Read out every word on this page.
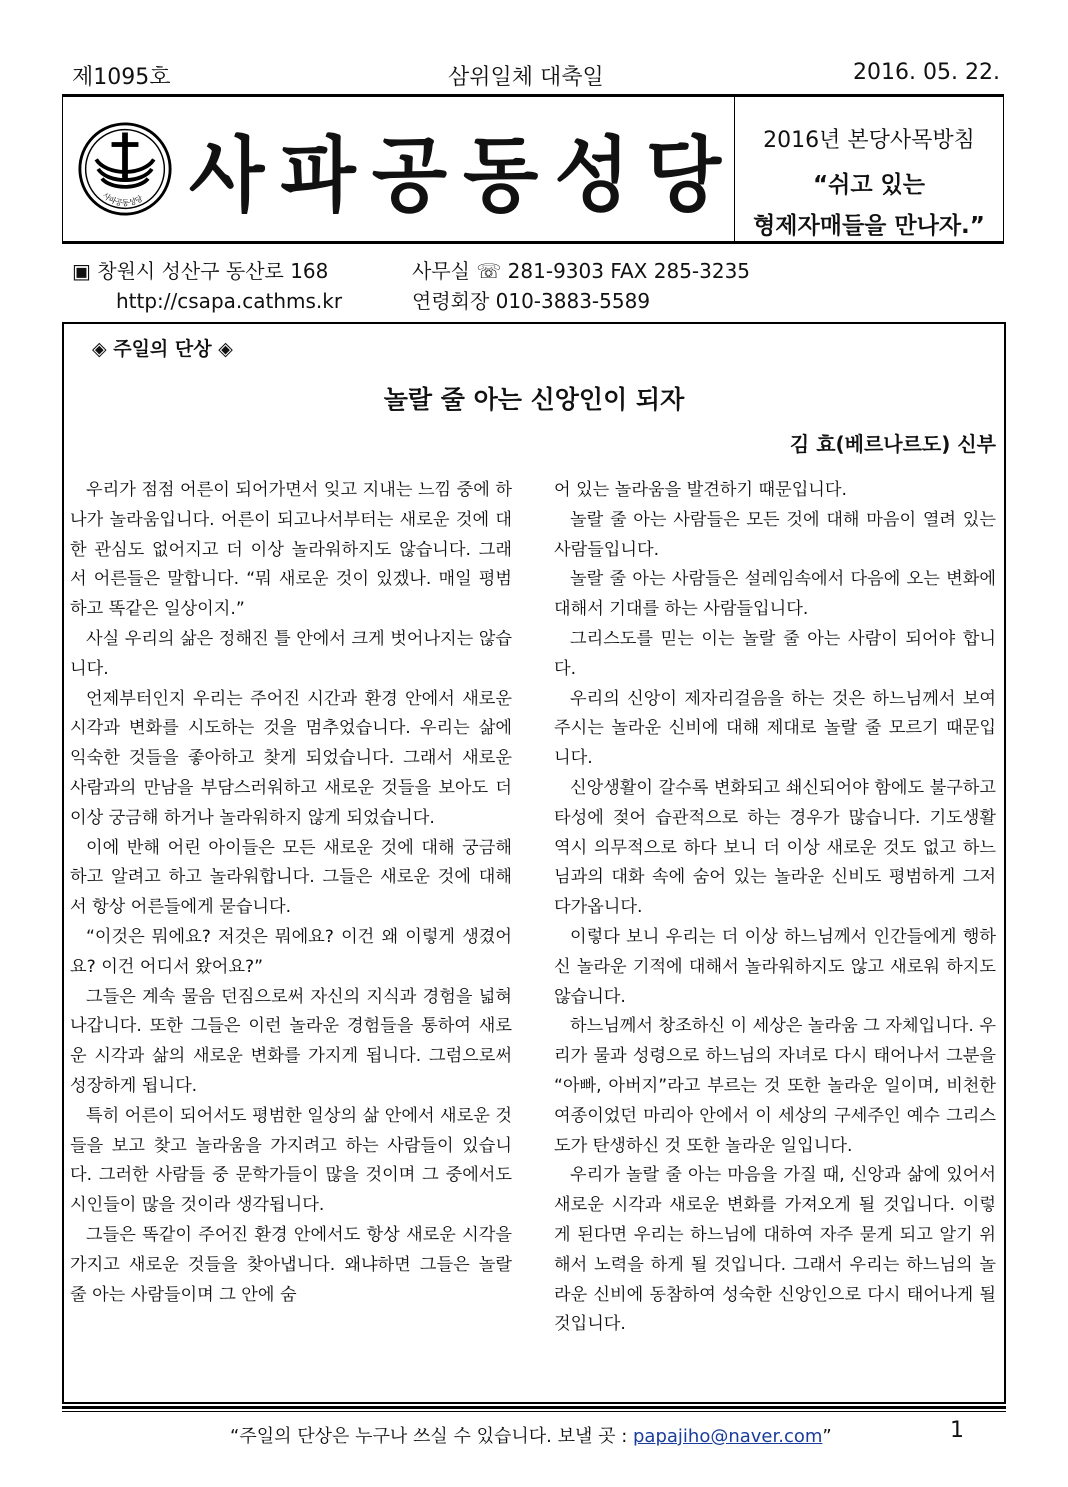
제1095호	삼위일체 대축일	2016. 05. 22.
사파공동성당 사파공동성당	2016년 본당사목방침
“쉬고 있는
형제자매들을 만나자.”
▣ 창원시 성산구 동산로 168	사무실 ☏ 281-9303 FAX 285-3235
http://csapa.cathms.kr	연령회장 010-3883-5589
◈ 주일의 단상 ◈
놀랄 줄 아는 신앙인이 되자
김 효(베르나르도) 신부

우리가 점점 어른이 되어가면서 잊고 지내는 느낌 중에 하나가 놀라움입니다. 어른이 되고나서부터는 새로운 것에 대한 관심도 없어지고 더 이상 놀라워하지도 않습니다. 그래서 어른들은 말합니다. “뭐 새로운 것이 있겠나. 매일 평범하고 똑같은 일상이지.”

사실 우리의 삶은 정해진 틀 안에서 크게 벗어나지는 않습니다.

언제부터인지 우리는 주어진 시간과 환경 안에서 새로운 시각과 변화를 시도하는 것을 멈추었습니다. 우리는 삶에 익숙한 것들을 좋아하고 찾게 되었습니다. 그래서 새로운 사람과의 만남을 부담스러워하고 새로운 것들을 보아도 더 이상 궁금해 하거나 놀라워하지 않게 되었습니다.

이에 반해 어린 아이들은 모든 새로운 것에 대해 궁금해 하고 알려고 하고 놀라워합니다. 그들은 새로운 것에 대해서 항상 어른들에게 묻습니다.

“이것은 뭐에요? 저것은 뭐에요? 이건 왜 이렇게 생겼어요? 이건 어디서 왔어요?”

그들은 계속 물음 던짐으로써 자신의 지식과 경험을 넓혀 나갑니다. 또한 그들은 이런 놀라운 경험들을 통하여 새로운 시각과 삶의 새로운 변화를 가지게 됩니다. 그럼으로써 성장하게 됩니다.

특히 어른이 되어서도 평범한 일상의 삶 안에서 새로운 것들을 보고 찾고 놀라움을 가지려고 하는 사람들이 있습니다. 그러한 사람들 중 문학가들이 많을 것이며 그 중에서도 시인들이 많을 것이라 생각됩니다.

그들은 똑같이 주어진 환경 안에서도 항상 새로운 시각을 가지고 새로운 것들을 찾아냅니다. 왜냐하면 그들은 놀랄 줄 아는 사람들이며 그 안에 숨

어 있는 놀라움을 발견하기 때문입니다.

놀랄 줄 아는 사람들은 모든 것에 대해 마음이 열려 있는 사람들입니다.

놀랄 줄 아는 사람들은 설레임속에서 다음에 오는 변화에 대해서 기대를 하는 사람들입니다.

그리스도를 믿는 이는 놀랄 줄 아는 사람이 되어야 합니다.

우리의 신앙이 제자리걸음을 하는 것은 하느님께서 보여 주시는 놀라운 신비에 대해 제대로 놀랄 줄 모르기 때문입니다.

신앙생활이 갈수록 변화되고 쇄신되어야 함에도 불구하고 타성에 젖어 습관적으로 하는 경우가 많습니다. 기도생활 역시 의무적으로 하다 보니 더 이상 새로운 것도 없고 하느님과의 대화 속에 숨어 있는 놀라운 신비도 평범하게 그저 다가옵니다.

이렇다 보니 우리는 더 이상 하느님께서 인간들에게 행하신 놀라운 기적에 대해서 놀라워하지도 않고 새로워 하지도 않습니다.

하느님께서 창조하신 이 세상은 놀라움 그 자체입니다. 우리가 물과 성령으로 하느님의 자녀로 다시 태어나서 그분을 “아빠, 아버지”라고 부르는 것 또한 놀라운 일이며, 비천한 여종이었던 마리아 안에서 이 세상의 구세주인 예수 그리스도가 탄생하신 것 또한 놀라운 일입니다.

우리가 놀랄 줄 아는 마음을 가질 때, 신앙과 삶에 있어서 새로운 시각과 새로운 변화를 가져오게 될 것입니다. 이렇게 된다면 우리는 하느님에 대하여 자주 묻게 되고 알기 위해서 노력을 하게 될 것입니다. 그래서 우리는 하느님의 놀라운 신비에 동참하여 성숙한 신앙인으로 다시 태어나게 될 것입니다.

“주일의 단상은 누구나 쓰실 수 있습니다. 보낼 곳 : papajiho@naver.com”	1
